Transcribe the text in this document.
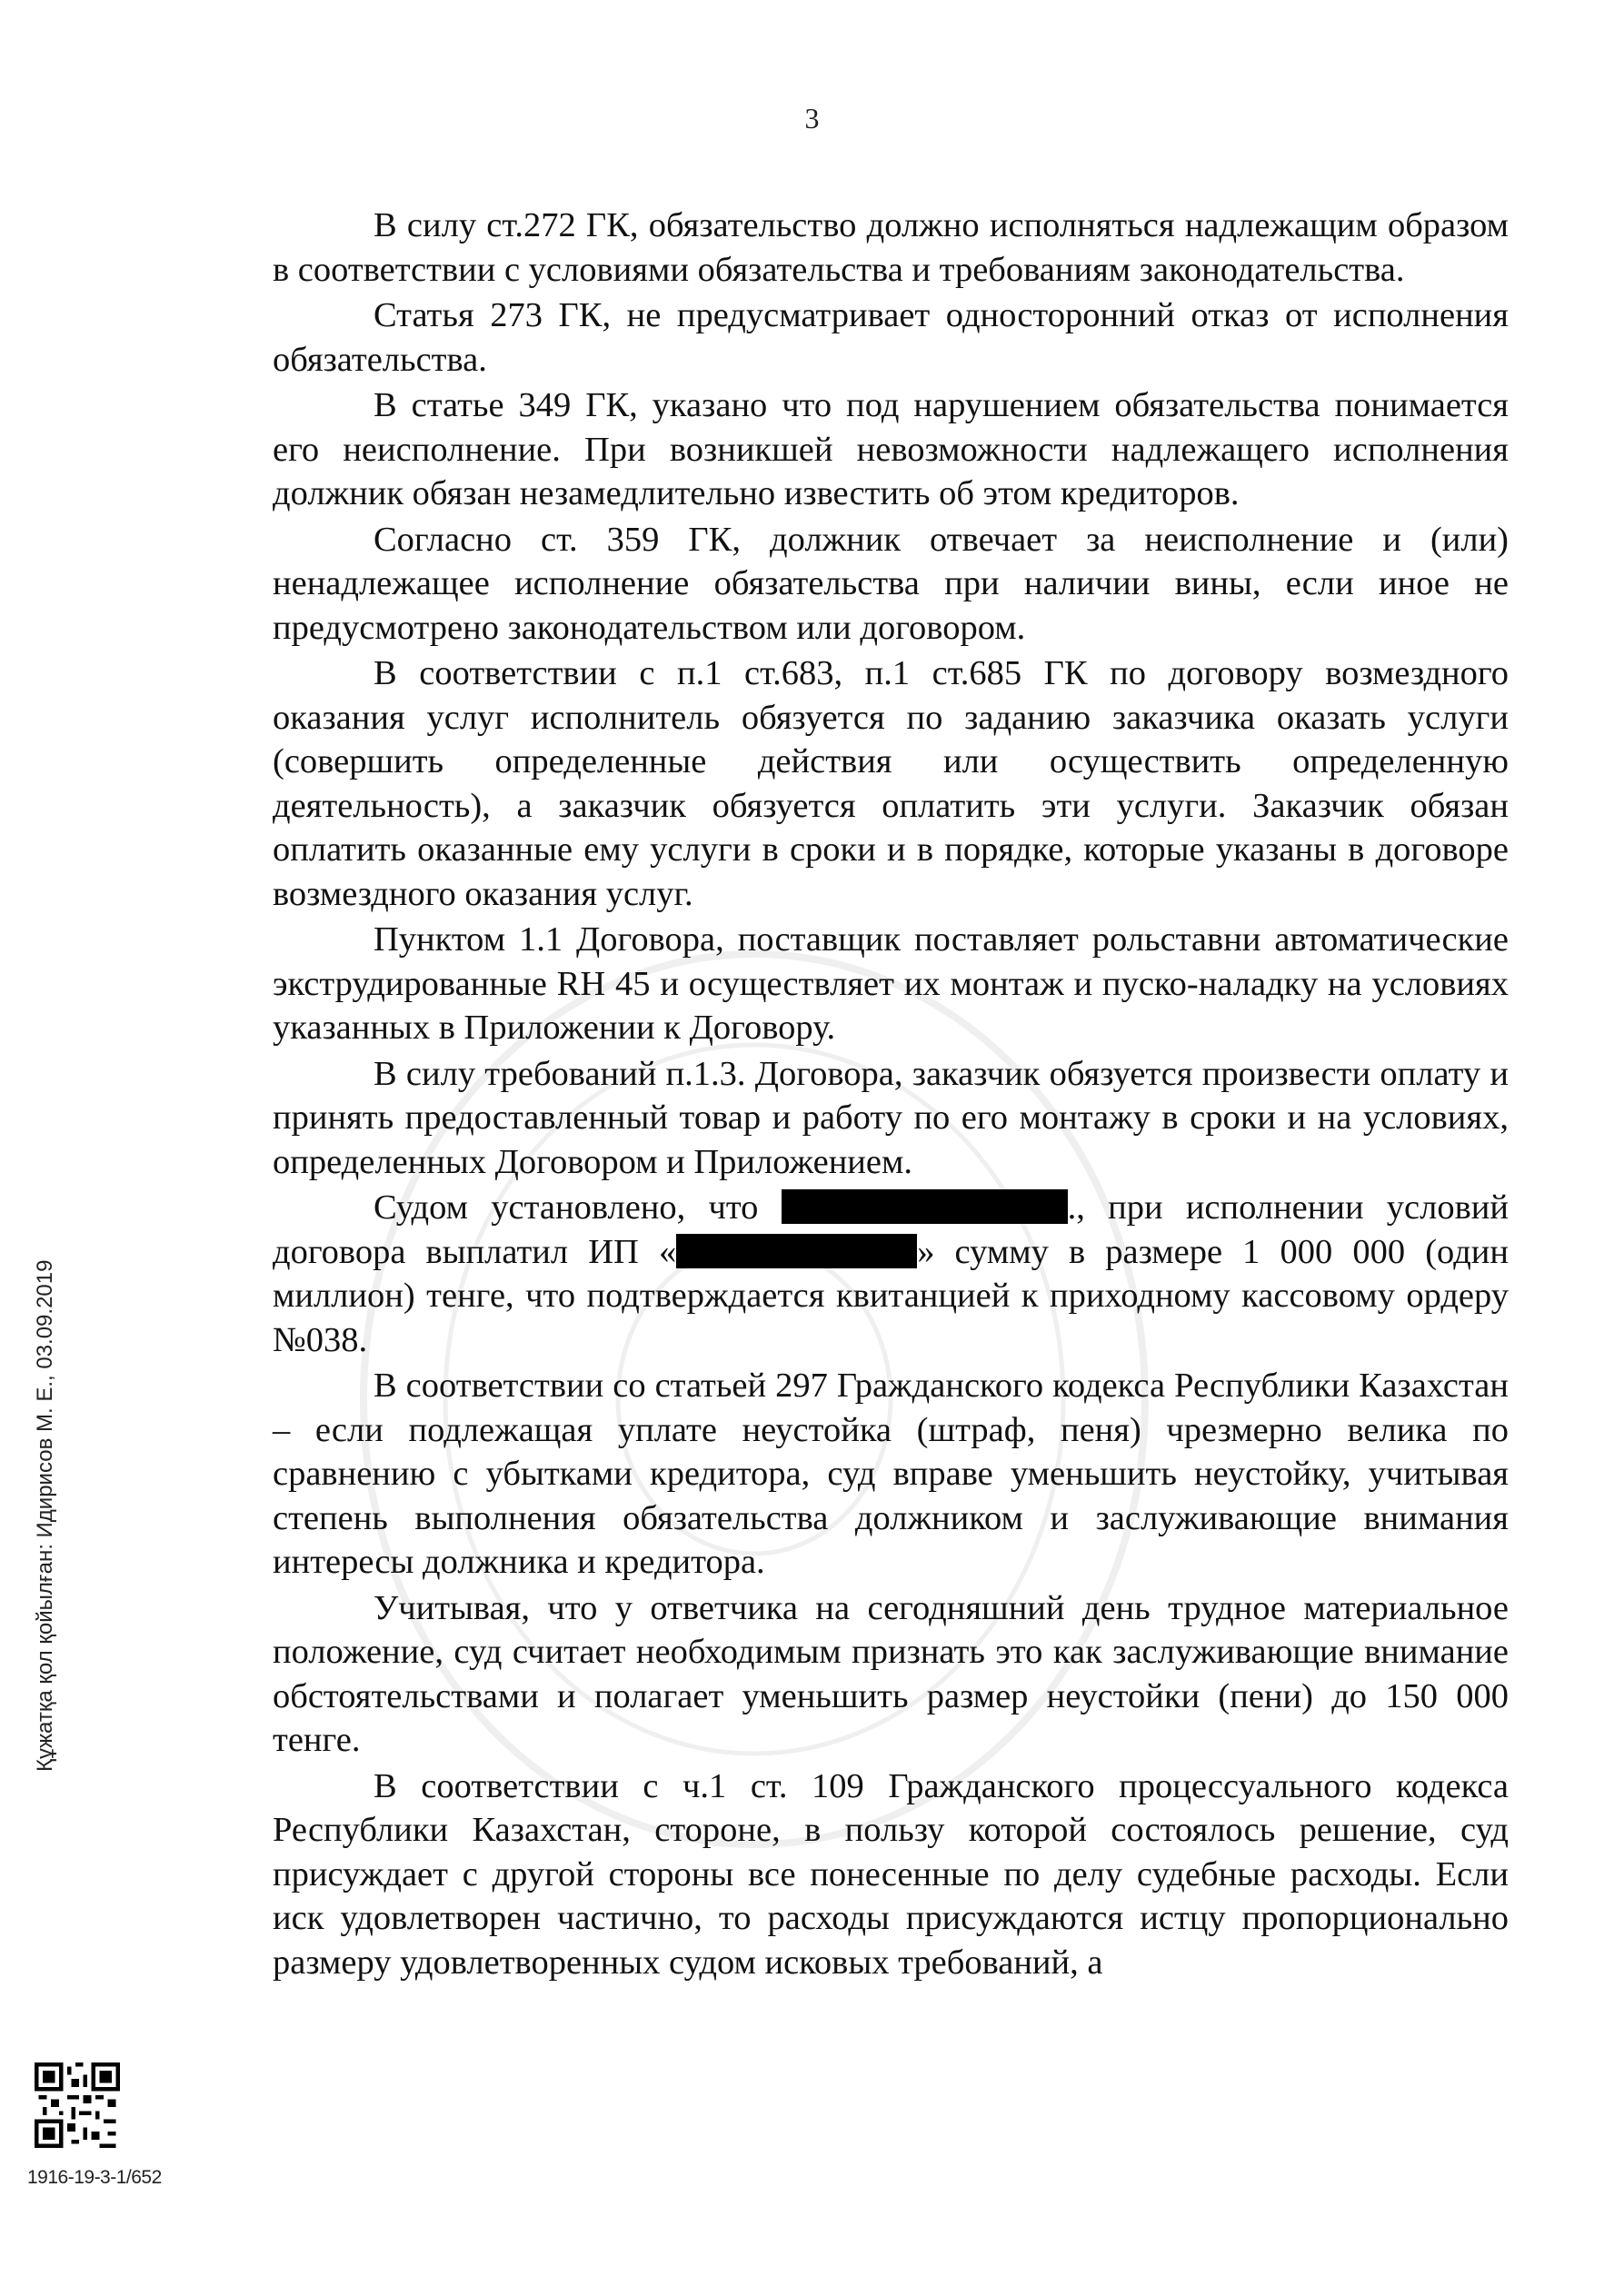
3
Құжатқа қол қойылған: Идирисов М. Е., 03.09.2019

В силу ст.272 ГК, обязательство должно исполняться надлежащим образом в соответствии с условиями обязательства и требованиям законодательства.

Статья 273 ГК, не предусматривает односторонний отказ от исполнения обязательства.

В статье 349 ГК, указано что под нарушением обязательства понимается его неисполнение. При возникшей невозможности надлежащего исполнения должник обязан незамедлительно известить об этом кредиторов.

Согласно ст. 359 ГК, должник отвечает за неисполнение и (или) ненадлежащее исполнение обязательства при наличии вины, если иное не предусмотрено законодательством или договором.

В соответствии с п.1 ст.683, п.1 ст.685 ГК по договору возмездного оказания услуг исполнитель обязуется по заданию заказчика оказать услуги (совершить определенные действия или осуществить определенную деятельность), а заказчик обязуется оплатить эти услуги. Заказчик обязан оплатить оказанные ему услуги в сроки и в порядке, которые указаны в договоре возмездного оказания услуг.

Пунктом 1.1 Договора, поставщик поставляет рольставни автоматические экструдированные RH 45 и осуществляет их монтаж и пуско-наладку на условиях указанных в Приложении к Договору.

В силу требований п.1.3. Договора, заказчик обязуется произвести оплату и принять предоставленный товар и работу по его монтажу в сроки и на условиях, определенных Договором и Приложением.

Судом установлено, что	., при исполнении условий договора выплатил ИП «	» сумму в размере 1 000 000 (один миллион) тенге, что подтверждается квитанцией к приходному кассовому ордеру №038.

В соответствии со статьей 297 Гражданского кодекса Республики Казахстан – если подлежащая уплате неустойка (штраф, пеня) чрезмерно велика по сравнению с убытками кредитора, суд вправе уменьшить неустойку, учитывая степень выполнения обязательства должником и заслуживающие внимания интересы должника и кредитора.

Учитывая, что у ответчика на сегодняшний день трудное материальное положение, суд считает необходимым признать это как заслуживающие внимание обстоятельствами и полагает уменьшить размер неустойки (пени) до 150 000 тенге.

В соответствии с ч.1 ст. 109 Гражданского процессуального кодекса Республики Казахстан, стороне, в пользу которой состоялось решение, суд присуждает с другой стороны все понесенные по делу судебные расходы. Если иск удовлетворен частично, то расходы присуждаются истцу пропорционально размеру удовлетворенных судом исковых требований, а

1916-19-3-1/652
